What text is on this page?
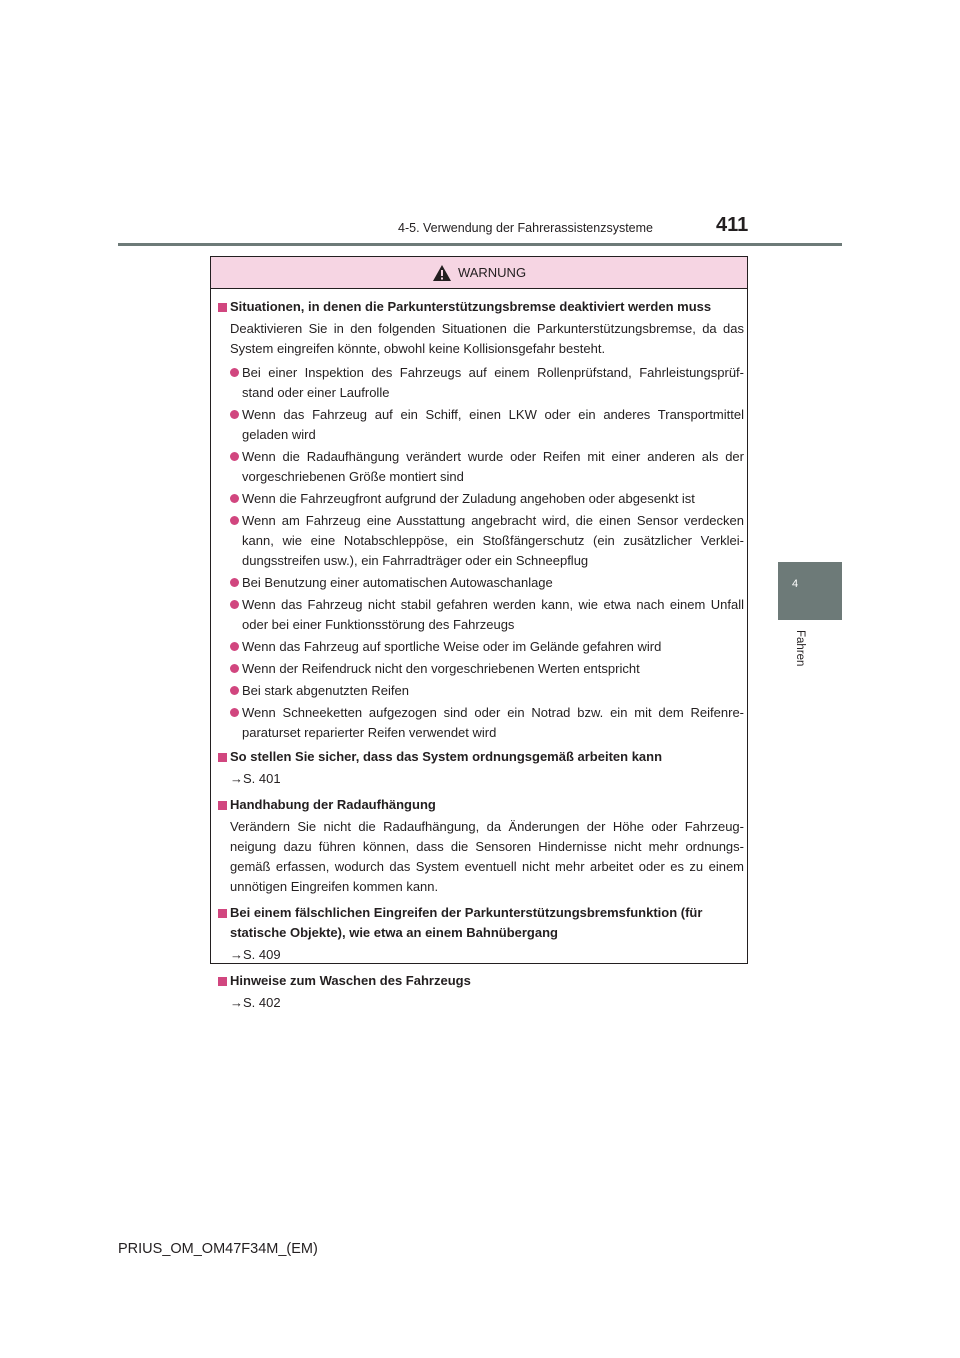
4-5. Verwendung der Fahrerassistenzsysteme	411
4
Fahren
WARNUNG
Situationen, in denen die Parkunterstützungsbremse deaktiviert werden muss
Deaktivieren Sie in den folgenden Situationen die Parkunterstützungsbremse, da das System eingreifen könnte, obwohl keine Kollisionsgefahr besteht.
Bei einer Inspektion des Fahrzeugs auf einem Rollenprüfstand, Fahrleistungsprüf-stand oder einer Laufrolle
Wenn das Fahrzeug auf ein Schiff, einen LKW oder ein anderes Transportmittel geladen wird
Wenn die Radaufhängung verändert wurde oder Reifen mit einer anderen als der vorgeschriebenen Größe montiert sind
Wenn die Fahrzeugfront aufgrund der Zuladung angehoben oder abgesenkt ist
Wenn am Fahrzeug eine Ausstattung angebracht wird, die einen Sensor verdecken kann, wie eine Notabschleppöse, ein Stoßfängerschutz (ein zusätzlicher Verklei-dungsstreifen usw.), ein Fahrradträger oder ein Schneepflug
Bei Benutzung einer automatischen Autowaschanlage
Wenn das Fahrzeug nicht stabil gefahren werden kann, wie etwa nach einem Unfall oder bei einer Funktionsstörung des Fahrzeugs
Wenn das Fahrzeug auf sportliche Weise oder im Gelände gefahren wird
Wenn der Reifendruck nicht den vorgeschriebenen Werten entspricht
Bei stark abgenutzten Reifen
Wenn Schneeketten aufgezogen sind oder ein Notrad bzw. ein mit dem Reifenre-paraturset reparierter Reifen verwendet wird
So stellen Sie sicher, dass das System ordnungsgemäß arbeiten kann
→S. 401
Handhabung der Radaufhängung
Verändern Sie nicht die Radaufhängung, da Änderungen der Höhe oder Fahrzeug-neigung dazu führen können, dass die Sensoren Hindernisse nicht mehr ordnungs-gemäß erfassen, wodurch das System eventuell nicht mehr arbeitet oder es zu einem unnötigen Eingreifen kommen kann.
Bei einem fälschlichen Eingreifen der Parkunterstützungsbremsfunktion (für statische Objekte), wie etwa an einem Bahnübergang
→S. 409
Hinweise zum Waschen des Fahrzeugs
→S. 402
PRIUS_OM_OM47F34M_(EM)
